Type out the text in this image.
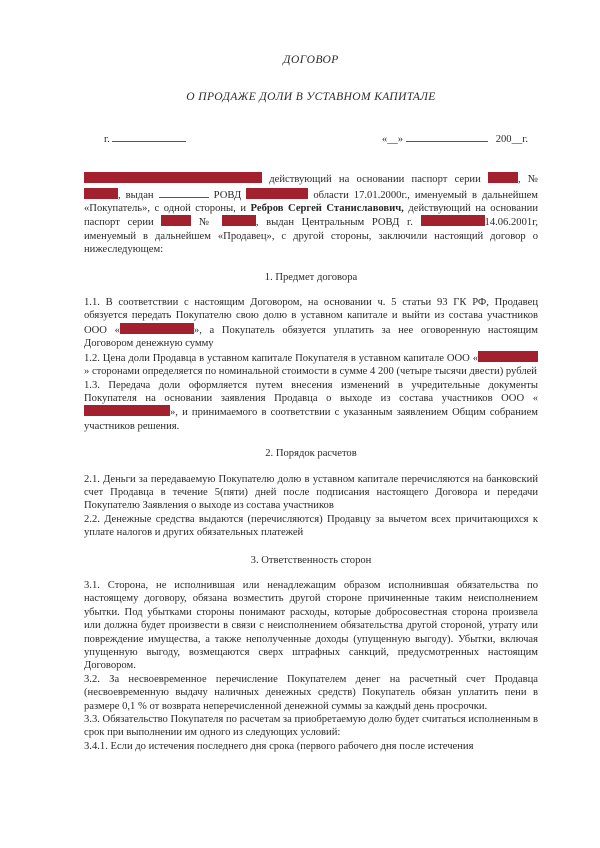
ДОГОВОР
О ПРОДАЖЕ ДОЛИ В УСТАВНОМ КАПИТАЛЕ
г.	«__»	200__г.

действующий на основании паспорт серии	, № , выдан	РОВД	области 17.01.2000г., именуемый в дальнейшем «Покупатель», с одной стороны, и Ребров Сергей Станиславович, действующий на основании паспорт серии	№	, выдан Центральным РОВД г.	14.06.2001г, именуемый в дальнейшем «Продавец», с другой стороны, заключили настоящий договор о нижеследующем:

1. Предмет договора

1.1. В соответствии с настоящим Договором, на основании ч. 5 статьи 93 ГК РФ, Продавец обязуется передать Покупателю свою долю в уставном капитале и выйти из состава участников ООО «	», а Покупатель обязуется уплатить за нее оговоренную настоящим Договором денежную сумму

1.2. Цена доли Продавца в уставном капитале Покупателя в уставном капитале ООО «» сторонами определяется по номинальной стоимости в сумме 4 200 (четыре тысячи двести) рублей

1.3. Передача доли оформляется путем внесения изменений в учредительные документы Покупателя на основании заявления Продавца о выходе из состава участников ООО «», и принимаемого в соответствии с указанным заявлением Общим собранием участников решения.

2. Порядок расчетов

2.1. Деньги за передаваемую Покупателю долю в уставном капитале перечисляются на банковский счет Продавца в течение 5(пяти) дней после подписания настоящего Договора и передачи Покупателю Заявления о выходе из состава участников

2.2. Денежные средства выдаются (перечисляются) Продавцу за вычетом всех причитающихся к уплате налогов и других обязательных платежей

3. Ответственность сторон

3.1. Сторона, не исполнившая или ненадлежащим образом исполнившая обязательства по настоящему договору, обязана возместить другой стороне причиненные таким неисполнением убытки. Под убытками стороны понимают расходы, которые добросовестная сторона произвела или должна будет произвести в связи с неисполнением обязательства другой стороной, утрату или повреждение имущества, а также неполученные доходы (упущенную выгоду). Убытки, включая упущенную выгоду, возмещаются сверх штрафных санкций, предусмотренных настоящим Договором.

3.2. За несвоевременное перечисление Покупателем денег на расчетный счет Продавца (несвоевременную выдачу наличных денежных средств) Покупатель обязан уплатить пени в размере 0,1 % от возврата неперечисленной денежной суммы за каждый день просрочки.

3.3. Обязательство Покупателя по расчетам за приобретаемую долю будет считаться исполненным в срок при выполнении им одного из следующих условий:

3.4.1. Если до истечения последнего дня срока (первого рабочего дня после истечения
